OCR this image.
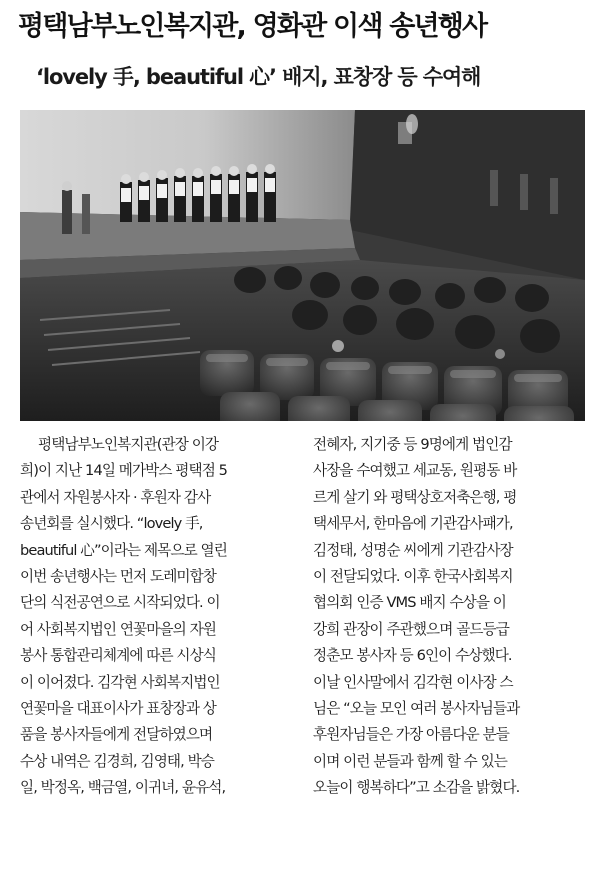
평택남부노인복지관, 영화관 이색 송년행사
‘lovely 手, beautiful 心’ 배지, 표창장 등 수여해
평택남부노인복지관(관장 이강
희)이 지난 14일 메가박스 평택점 5
관에서 자원봉사자 · 후원자 감사
송년회를 실시했다. “lovely 手,
beautiful 心”이라는 제목으로 열린
이번 송년행사는 먼저 도레미합창
단의 식전공연으로 시작되었다. 이
어 사회복지법인 연꽃마을의 자원
봉사 통합관리체계에 따른 시상식
이 이어졌다. 김각현 사회복지법인
연꽃마을 대표이사가 표창장과 상
품을 봉사자들에게 전달하였으며
수상 내역은 김경희, 김영태, 박승
일, 박정옥, 백금열, 이귀녀, 윤유석,
전혜자, 지기중 등 9명에게 법인감
사장을 수여했고 세교동, 원평동 바
르게 살기 와 평택상호저축은행, 평
택세무서, 한마음에 기관감사패가,
김정태, 성명순 씨에게 기관감사장
이 전달되었다. 이후 한국사회복지
협의회 인증 VMS 배지 수상을 이
강희 관장이 주관했으며 골드등급
정춘모 봉사자 등 6인이 수상했다.
이날 인사말에서 김각현 이사장 스
님은 “오늘 모인 여러 봉사자님들과
후원자님들은 가장 아름다운 분들
이며 이런 분들과 함께 할 수 있는
오늘이 행복하다”고 소감을 밝혔다.
